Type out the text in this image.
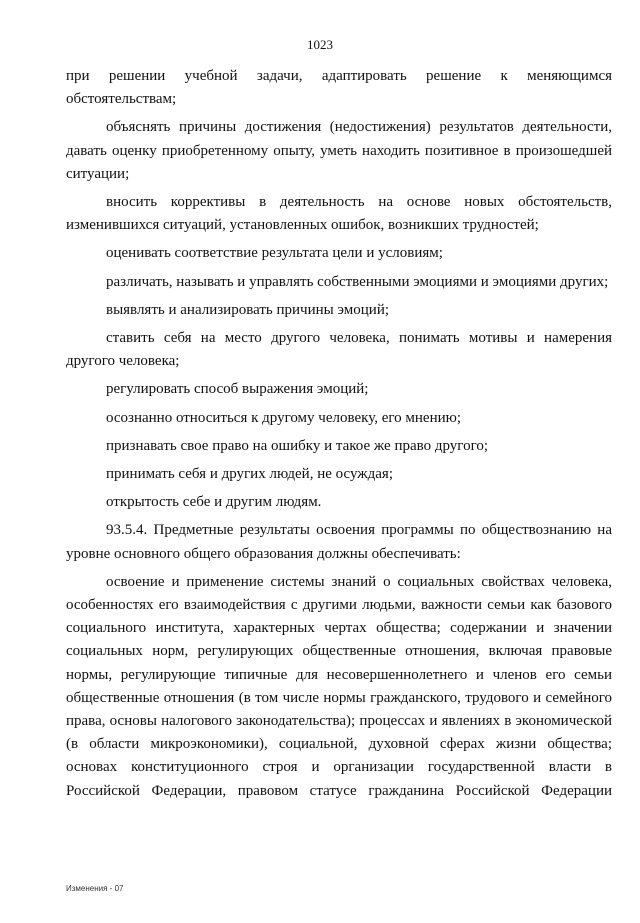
1023

при решении учебной задачи, адаптировать решение к меняющимся обстоятельствам;

объяснять причины достижения (недостижения) результатов деятельности, давать оценку приобретенному опыту, уметь находить позитивное в произошедшей ситуации;

вносить коррективы в деятельность на основе новых обстоятельств, изменившихся ситуаций, установленных ошибок, возникших трудностей;

оценивать соответствие результата цели и условиям;

различать, называть и управлять собственными эмоциями и эмоциями других;

выявлять и анализировать причины эмоций;

ставить себя на место другого человека, понимать мотивы и намерения другого человека;

регулировать способ выражения эмоций;

осознанно относиться к другому человеку, его мнению;

признавать свое право на ошибку и такое же право другого;

принимать себя и других людей, не осуждая;

открытость себе и другим людям.

93.5.4. Предметные результаты освоения программы по обществознанию на уровне основного общего образования должны обеспечивать:

освоение и применение системы знаний о социальных свойствах человека, особенностях его взаимодействия с другими людьми, важности семьи как базового социального института, характерных чертах общества; содержании и значении социальных норм, регулирующих общественные отношения, включая правовые нормы, регулирующие типичные для несовершеннолетнего и членов его семьи общественные отношения (в том числе нормы гражданского, трудового и семейного права, основы налогового законодательства); процессах и явлениях в экономической (в области микроэкономики), социальной, духовной сферах жизни общества; основах конституционного строя и организации государственной власти в Российской Федерации, правовом статусе гражданина Российской Федерации

Изменения - 07
